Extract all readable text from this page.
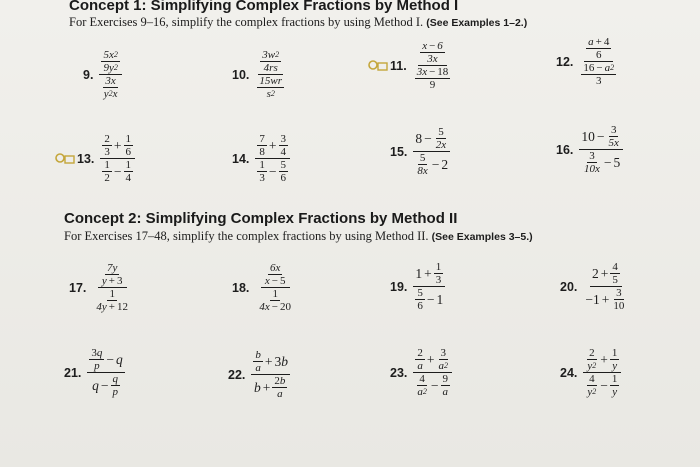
Concept 1: Simplifying Complex Fractions by Method I
For Exercises 9–16, simplify the complex fractions by using Method I. (See Examples 1–2.)
9. $\frac{\frac{5x 2}{9y 2}}{\frac{3x}{y 2 x}}$	10. $\frac{\frac{3w 2}{4rs}}{\frac{15wr}{s 2}}$	11. $\frac{\frac{x - 6}{3x}}{\frac{3x - 18}{9}}$	12. $\frac{\frac{a + 4}{6}}{\frac{16 - a 2}{3}}$
13. $\frac{\frac{2}{3} + \frac{1}{6}}{\frac{1}{2} - \frac{1}{4}}$	14. $\frac{\frac{7}{8} + \frac{3}{4}}{\frac{1}{3} - \frac{5}{6}}$	15. $\frac{8 - \frac{5}{2x}}{\frac{5}{8x} - 2}$	16. $\frac{10 - \frac{3}{5x}}{\frac{3}{10x} - 5}$
Concept 2: Simplifying Complex Fractions by Method II
For Exercises 17–48, simplify the complex fractions by using Method II. (See Examples 3–5.)
17. $\frac{\frac{7y}{y + 3}}{\frac{1}{4y + 12}}$	18. $\frac{\frac{6x}{x - 5}}{\frac{1}{4x - 20}}$	19. $\frac{1 + \frac{1}{3}}{\frac{5}{6} - 1}$	20. $\frac{2 + \frac{4}{5}}{-1 + \frac{3}{10}}$
21. $\frac{\frac{3 q}{p} - q}{q - \frac{q}{p}}$	22. $\frac{\frac{b}{a} + 3 b}{b + \frac{2 b}{a}}$	23. $\frac{\frac{2}{a} + \frac{3}{a 2}}{\frac{4}{a 2} - \frac{9}{a}}$	24. $\frac{\frac{2}{y 2} + \frac{1}{y}}{\frac{4}{y 2} - \frac{1}{y}}$
